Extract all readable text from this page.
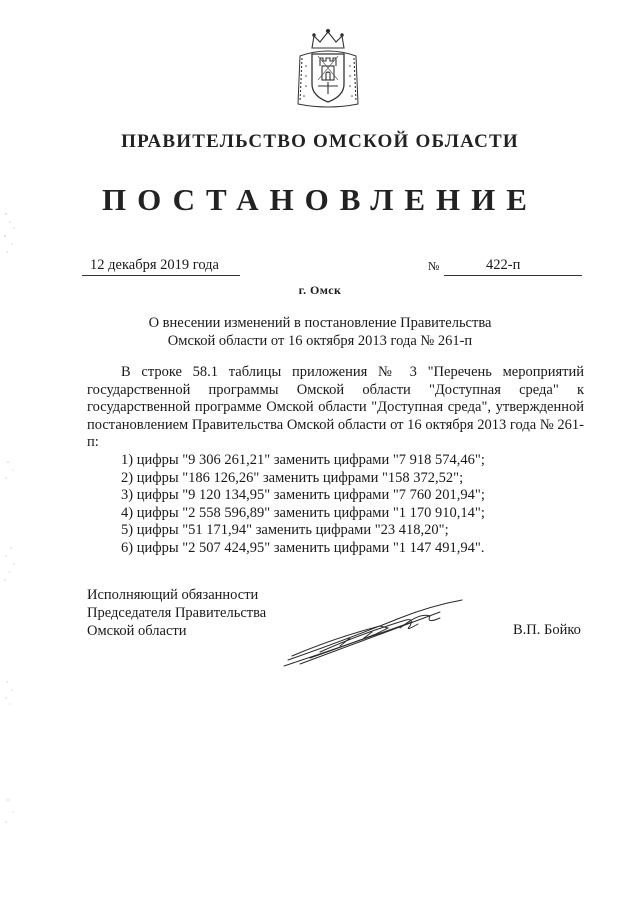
ПРАВИТЕЛЬСТВО ОМСКОЙ ОБЛАСТИ
ПОСТАНОВЛЕНИЕ
12 декабря 2019 года	№	422-п
г. Омск
О внесении изменений в постановление Правительства
Омской области от 16 октября 2013 года № 261-п
В строке 58.1 таблицы приложения № 3 "Перечень мероприятий государственной программы Омской области "Доступная среда" к государственной программе Омской области "Доступная среда", утвержденной постановлением Правительства Омской области от 16 октября 2013 года № 261-п:
1) цифры "9 306 261,21" заменить цифрами "7 918 574,46";
2) цифры "186 126,26" заменить цифрами "158 372,52";
3) цифры "9 120 134,95" заменить цифрами "7 760 201,94";
4) цифры "2 558 596,89" заменить цифрами "1 170 910,14";
5) цифры "51 171,94" заменить цифрами "23 418,20";
6) цифры "2 507 424,95" заменить цифрами "1 147 491,94".
Исполняющий обязанности
Председателя Правительства
Омской области	В.П. Бойко
